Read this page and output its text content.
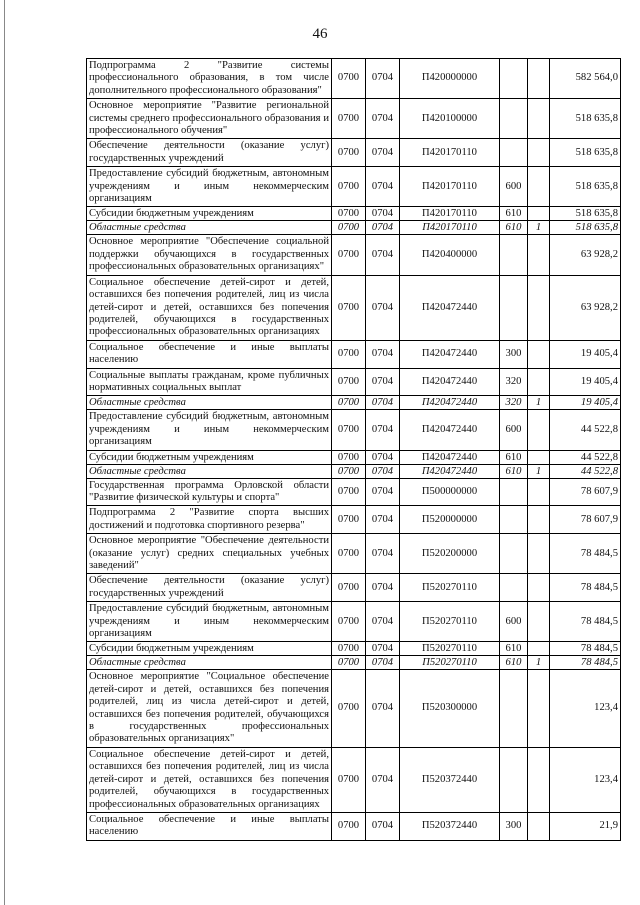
46
Подпрограмма 2 "Развитие системы профессионального образования, в том числе дополнительного профессионального образования"	0700	0704	П420000000			582 564,0
Основное мероприятие "Развитие региональной системы среднего профессионального образования и профессионального обучения"	0700	0704	П420100000			518 635,8
Обеспечение деятельности (оказание услуг) государственных учреждений	0700	0704	П420170110			518 635,8
Предоставление субсидий бюджетным, автономным учреждениям и иным некоммерческим организациям	0700	0704	П420170110	600		518 635,8
Субсидии бюджетным учреждениям	0700	0704	П420170110	610		518 635,8
Областные средства	0700	0704	П420170110	610	1	518 635,8
Основное мероприятие "Обеспечение социальной поддержки обучающихся в государственных профессиональных образовательных организациях"	0700	0704	П420400000			63 928,2
Социальное обеспечение детей-сирот и детей, оставшихся без попечения родителей, лиц из числа детей-сирот и детей, оставшихся без попечения родителей, обучающихся в государственных профессиональных образовательных организациях	0700	0704	П420472440			63 928,2
Социальное обеспечение и иные выплаты населению	0700	0704	П420472440	300		19 405,4
Социальные выплаты гражданам, кроме публичных нормативных социальных выплат	0700	0704	П420472440	320		19 405,4
Областные средства	0700	0704	П420472440	320	1	19 405,4
Предоставление субсидий бюджетным, автономным учреждениям и иным некоммерческим организациям	0700	0704	П420472440	600		44 522,8
Субсидии бюджетным учреждениям	0700	0704	П420472440	610		44 522,8
Областные средства	0700	0704	П420472440	610	1	44 522,8
Государственная программа Орловской области "Развитие физической культуры и спорта"	0700	0704	П500000000			78 607,9
Подпрограмма 2 "Развитие спорта высших достижений и подготовка спортивного резерва"	0700	0704	П520000000			78 607,9
Основное мероприятие "Обеспечение деятельности (оказание услуг) средних специальных учебных заведений"	0700	0704	П520200000			78 484,5
Обеспечение деятельности (оказание услуг) государственных учреждений	0700	0704	П520270110			78 484,5
Предоставление субсидий бюджетным, автономным учреждениям и иным некоммерческим организациям	0700	0704	П520270110	600		78 484,5
Субсидии бюджетным учреждениям	0700	0704	П520270110	610		78 484,5
Областные средства	0700	0704	П520270110	610	1	78 484,5
Основное мероприятие "Социальное обеспечение детей-сирот и детей, оставшихся без попечения родителей, лиц из числа детей-сирот и детей, оставшихся без попечения родителей, обучающихся в государственных профессиональных образовательных организациях"	0700	0704	П520300000			123,4
Социальное обеспечение детей-сирот и детей, оставшихся без попечения родителей, лиц из числа детей-сирот и детей, оставшихся без попечения родителей, обучающихся в государственных профессиональных образовательных организациях	0700	0704	П520372440			123,4
Социальное обеспечение и иные выплаты населению	0700	0704	П520372440	300		21,9
